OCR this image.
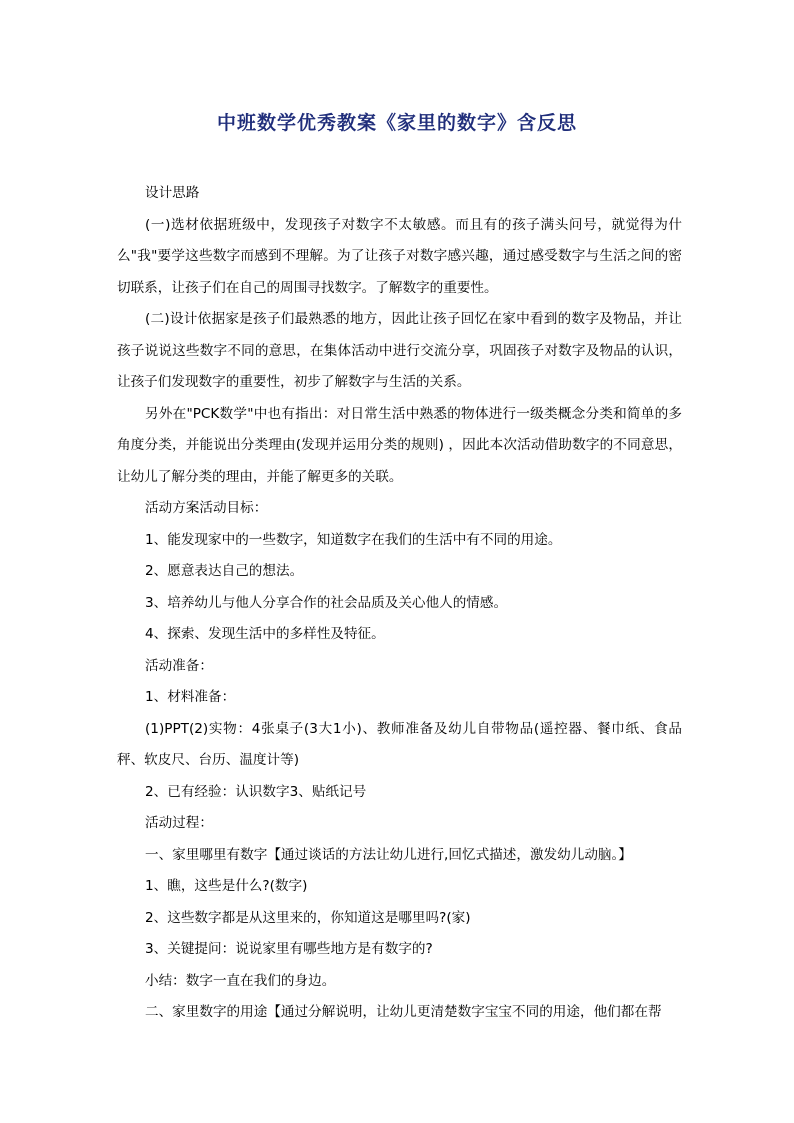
中班数学优秀教案《家里的数字》含反思

设计思路

(一)选材依据班级中，发现孩子对数字不太敏感。而且有的孩子满头问号，就觉得为什么"我"要学这些数字而感到不理解。为了让孩子对数字感兴趣，通过感受数字与生活之间的密切联系，让孩子们在自己的周围寻找数字。了解数字的重要性。

(二)设计依据家是孩子们最熟悉的地方，因此让孩子回忆在家中看到的数字及物品，并让孩子说说这些数字不同的意思，在集体活动中进行交流分享，巩固孩子对数字及物品的认识，让孩子们发现数字的重要性，初步了解数字与生活的关系。

另外在"PCK数学"中也有指出：对日常生活中熟悉的物体进行一级类概念分类和简单的多角度分类，并能说出分类理由(发现并运用分类的规则) ，因此本次活动借助数字的不同意思，让幼儿了解分类的理由，并能了解更多的关联。

活动方案活动目标：

1、能发现家中的一些数字，知道数字在我们的生活中有不同的用途。

2、愿意表达自己的想法。

3、培养幼儿与他人分享合作的社会品质及关心他人的情感。

4、探索、发现生活中的多样性及特征。

活动准备：

1、材料准备：

(1)PPT(2)实物：4张桌子(3大1小)、教师准备及幼儿自带物品(遥控器、餐巾纸、食品秤、软皮尺、台历、温度计等)

2、已有经验：认识数字3、贴纸记号

活动过程：

一、家里哪里有数字【通过谈话的方法让幼儿进行,回忆式描述，激发幼儿动脑。】

1、瞧，这些是什么?(数字)

2、这些数字都是从这里来的，你知道这是哪里吗?(家)

3、关键提问：说说家里有哪些地方是有数字的?

小结：数字一直在我们的身边。

二、家里数字的用途【通过分解说明，让幼儿更清楚数字宝宝不同的用途，他们都在帮
